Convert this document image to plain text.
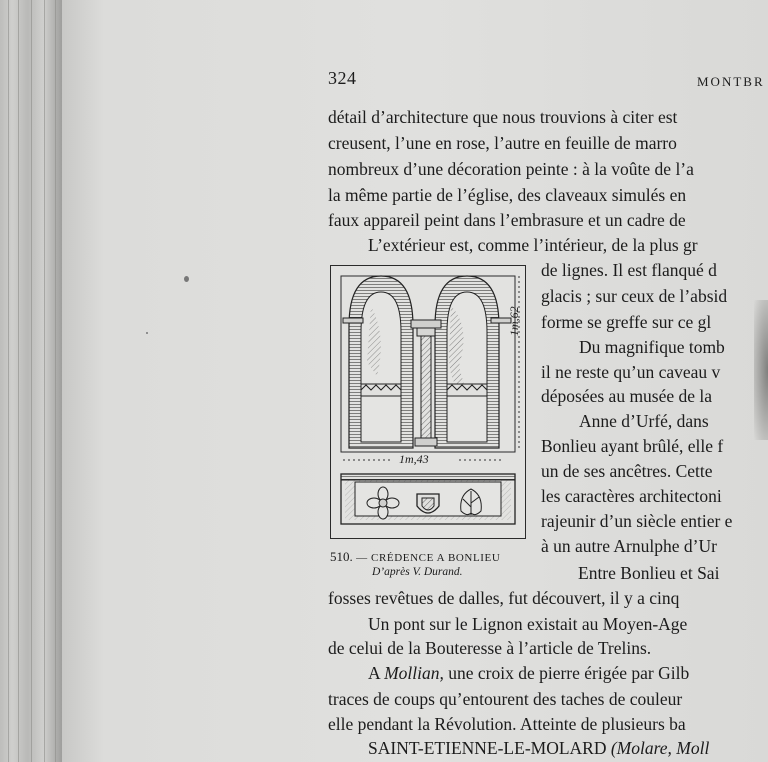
324	MONTBR
détail d’architecture que nous trouvions à citer est
creusent, l’une en rose, l’autre en feuille de marro
nombreux d’une décoration peinte : à la voûte de l’a
la même partie de l’église, des claveaux simulés en
faux appareil peint dans l’embrasure et un cadre de
L’extérieur est, comme l’intérieur, de la plus gr
de lignes. Il est flanqué d
glacis ; sur ceux de l’absid
forme se greffe sur ce gl
Du magnifique tomb
il ne reste qu’un caveau v
déposées au musée de la
Anne d’Urfé, dans
Bonlieu ayant brûlé, elle f
un de ses ancêtres. Cette
les caractères architectoni
rajeunir d’un siècle entier e
à un autre Arnulphe d’Ur
Entre Bonlieu et Sai
1m,62
1m,43
510. — CRÉDENCE A BONLIEU
D’après V. Durand.
fosses revêtues de dalles, fut découvert, il y a cinq
Un pont sur le Lignon existait au Moyen-Age
de celui de la Bouteresse à l’article de Trelins.
A Mollian, une croix de pierre érigée par Gilb
traces de coups qu’entourent des taches de couleur
elle pendant la Révolution. Atteinte de plusieurs ba
SAINT-ETIENNE-LE-MOLARD (Molare, Moll
